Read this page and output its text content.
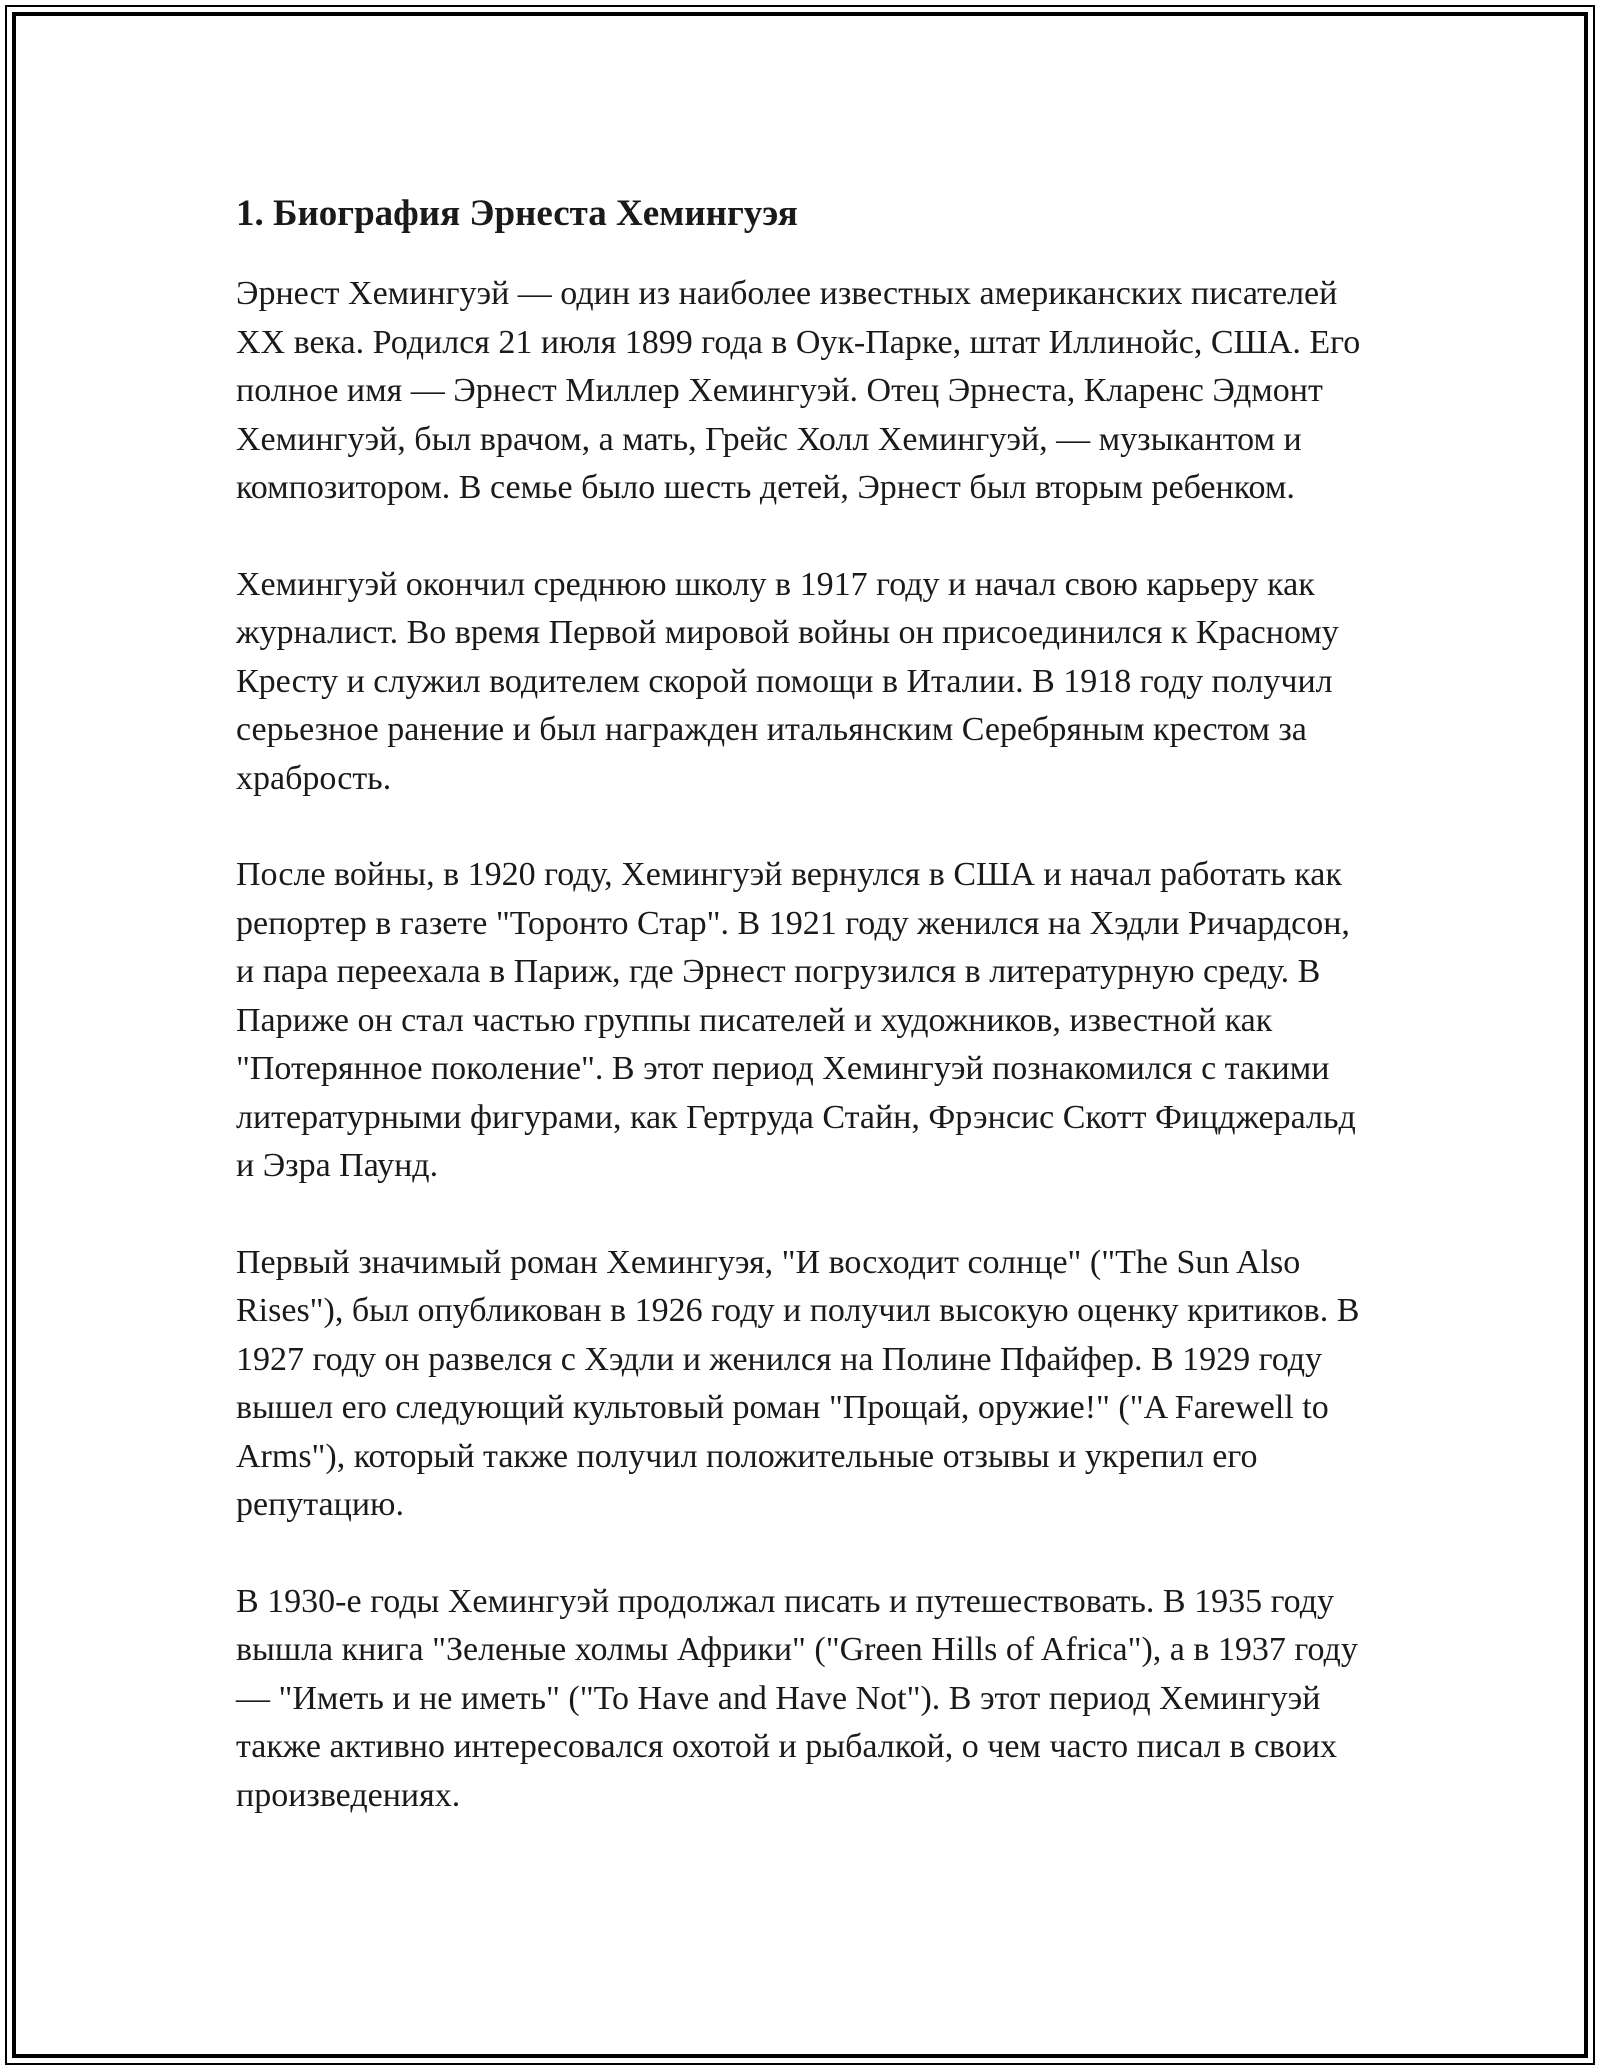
1. Биография Эрнеста Хемингуэя

Эрнест Хемингуэй — один из наиболее известных американских писателей XX века. Родился 21 июля 1899 года в Оук-Парке, штат Иллинойс, США. Его полное имя — Эрнест Миллер Хемингуэй. Отец Эрнеста, Кларенс Эдмонт Хемингуэй, был врачом, а мать, Грейс Холл Хемингуэй, — музыкантом и композитором. В семье было шесть детей, Эрнест был вторым ребенком.

Хемингуэй окончил среднюю школу в 1917 году и начал свою карьеру как журналист. Во время Первой мировой войны он присоединился к Красному Кресту и служил водителем скорой помощи в Италии. В 1918 году получил серьезное ранение и был награжден итальянским Серебряным крестом за храбрость.

После войны, в 1920 году, Хемингуэй вернулся в США и начал работать как репортер в газете "Торонто Стар". В 1921 году женился на Хэдли Ричардсон, и пара переехала в Париж, где Эрнест погрузился в литературную среду. В Париже он стал частью группы писателей и художников, известной как "Потерянное поколение". В этот период Хемингуэй познакомился с такими литературными фигурами, как Гертруда Стайн, Фрэнсис Скотт Фицджеральд и Эзра Паунд.

Первый значимый роман Хемингуэя, "И восходит солнце" ("The Sun Also Rises"), был опубликован в 1926 году и получил высокую оценку критиков. В 1927 году он развелся с Хэдли и женился на Полине Пфайфер. В 1929 году вышел его следующий культовый роман "Прощай, оружие!" ("A Farewell to Arms"), который также получил положительные отзывы и укрепил его репутацию.

В 1930-е годы Хемингуэй продолжал писать и путешествовать. В 1935 году вышла книга "Зеленые холмы Африки" ("Green Hills of Africa"), а в 1937 году — "Иметь и не иметь" ("To Have and Have Not"). В этот период Хемингуэй также активно интересовался охотой и рыбалкой, о чем часто писал в своих произведениях.
